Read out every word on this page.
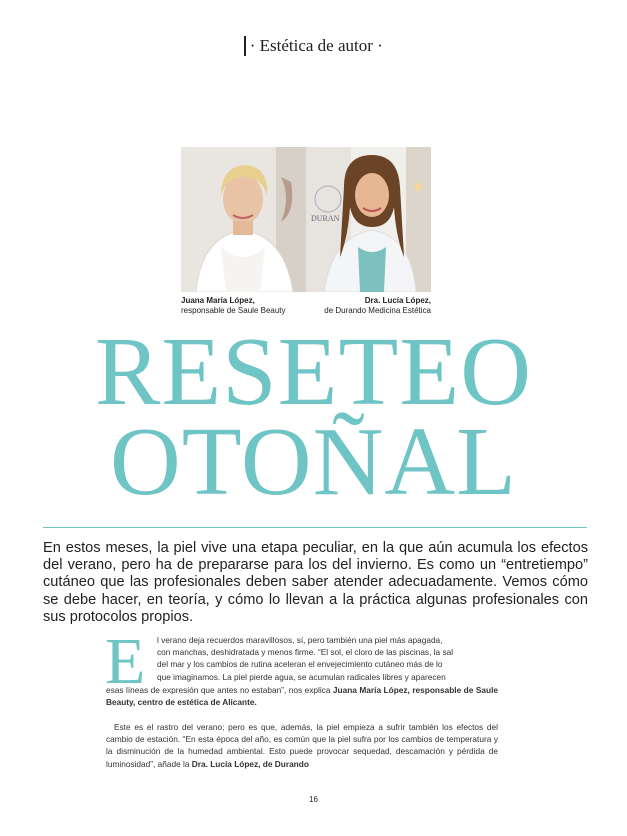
· Estética de autor ·
DURAN
Juana María López,
responsable de Saule Beauty
Dra. Lucía López,
de Durando Medicina Estética
RESETEO
OTOÑAL
En estos meses, la piel vive una etapa peculiar, en la que aún acumula los efectos del verano, pero ha de prepararse para los del invierno. Es como un “entretiempo” cutáneo que las profesionales deben saber atender adecuadamente. Vemos cómo se debe hacer, en teoría, y cómo lo llevan a la práctica algunas profesionales con sus protocolos propios.
E l verano deja recuerdos maravillosos, sí, pero también una piel más apagada,
con manchas, deshidratada y menos firme. “El sol, el cloro de las piscinas, la sal
del mar y los cambios de rutina aceleran el envejecimiento cutáneo más de lo
que imaginamos. La piel pierde agua, se acumulan radicales libres y aparecen
esas líneas de expresión que antes no estaban”, nos explica Juana María López, responsable de Saule Beauty, centro de estética de Alicante.
Este es el rastro del verano; pero es que, además, la piel empieza a sufrir también los efectos del cambio de estación. “En esta época del año, es común que la piel sufra por los cambios de temperatura y la disminución de la humedad ambiental. Esto puede provocar sequedad, descamación y pérdida de luminosidad”, añade la Dra. Lucía López, de Durando
16
